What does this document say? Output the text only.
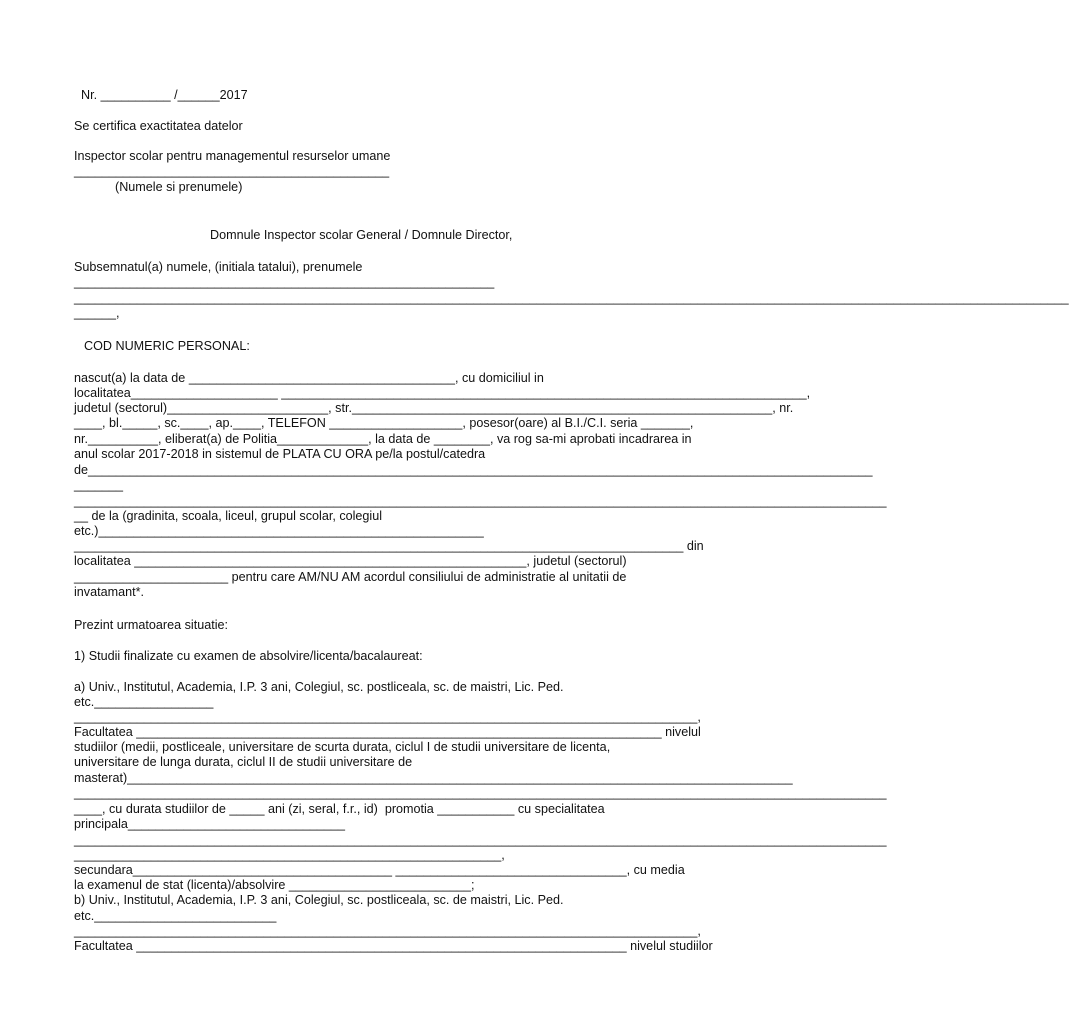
Nr. __________ /______2017
Se certifica exactitatea datelor
Inspector scolar pentru managementul resurselor umane
_____________________________________________
(Numele si prenumele)
Domnule Inspector scolar General / Domnule Director,
Subsemnatul(a) numele, (initiala tatalui), prenumele
____________________________________________________________
______________________________________________________________________________________________________________________________________________
______,
COD NUMERIC PERSONAL:
nascut(a) la data de ______________________________________, cu domiciliul in
localitatea_____________________ ___________________________________________________________________________,
judetul (sectorul)_______________________, str.____________________________________________________________, nr.
____, bl._____, sc.____, ap.____, TELEFON ___________________, posesor(oare) al B.I./C.I. seria _______,
nr.__________, eliberat(a) de Politia_____________, la data de ________, va rog sa-mi aprobati incadrarea in
anul scolar 2017-2018 in sistemul de PLATA CU ORA pe/la postul/catedra
de________________________________________________________________________________________________________________
_______
____________________________________________________________________________________________________________________
__ de la (gradinita, scoala, liceul, grupul scolar, colegiul
etc.)_______________________________________________________
_______________________________________________________________________________________ din
localitatea ________________________________________________________, judetul (sectorul)
______________________ pentru care AM/NU AM acordul consiliului de administratie al unitatii de
invatamant*.
Prezint urmatoarea situatie:
1) Studii finalizate cu examen de absolvire/licenta/bacalaureat:
a) Univ., Institutul, Academia, I.P. 3 ani, Colegiul, sc. postliceala, sc. de maistri, Lic. Ped.
etc._________________
_________________________________________________________________________________________,
Facultatea ___________________________________________________________________________ nivelul
studiilor (medii, postliceale, universitare de scurta durata, ciclul I de studii universitare de licenta,
universitare de lunga durata, ciclul II de studii universitare de
masterat)_______________________________________________________________________________________________
____________________________________________________________________________________________________________________
____, cu durata studiilor de _____ ani (zi, seral, f.r., id)  promotia ___________ cu specialitatea
principala_______________________________
____________________________________________________________________________________________________________________
_____________________________________________________________,
secundara_____________________________________ _________________________________, cu media
la examenul de stat (licenta)/absolvire __________________________;
b) Univ., Institutul, Academia, I.P. 3 ani, Colegiul, sc. postliceala, sc. de maistri, Lic. Ped.
etc.__________________________
_________________________________________________________________________________________,
Facultatea ______________________________________________________________________ nivelul studiilor
